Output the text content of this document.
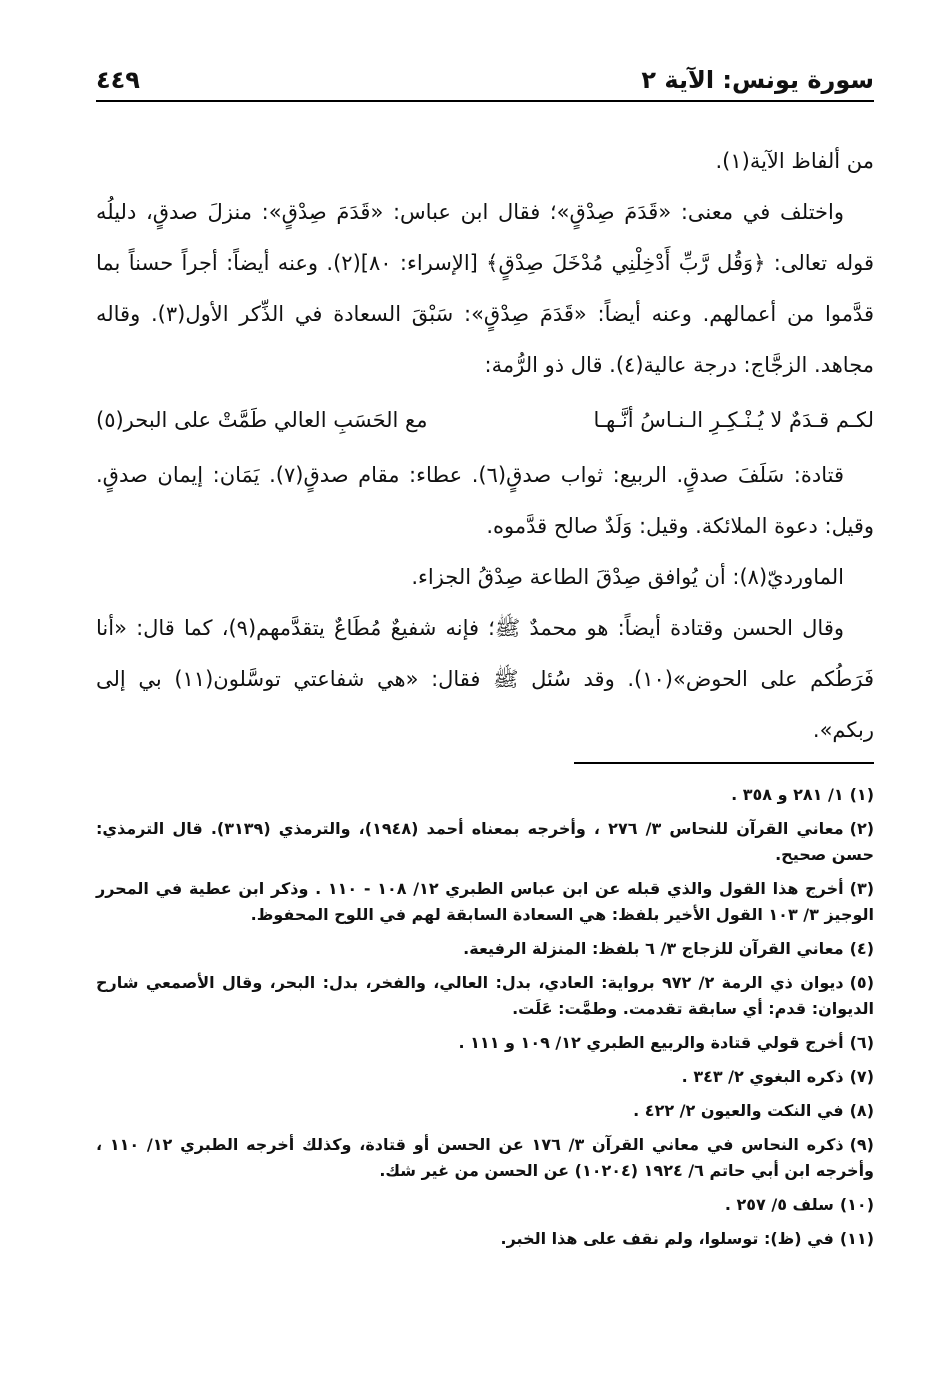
سورة يونس: الآية ٢
٤٤٩

من ألفاظ الآية(١).

واختلف في معنى: «قَدَمَ صِدْقٍ»؛ فقال ابن عباس: «قَدَمَ صِدْقٍ»: منزلَ صدقٍ، دليلُه قوله تعالى: ﴿وَقُل رَّبِّ أَدْخِلْنِي مُدْخَلَ صِدْقٍ﴾ [الإسراء: ٨٠](٢). وعنه أيضاً: أجراً حسناً بما قدَّموا من أعمالهم. وعنه أيضاً: «قَدَمَ صِدْقٍ»: سَبْقَ السعادة في الذِّكر الأول(٣). وقاله مجاهد. الزجَّاج: درجة عالية(٤). قال ذو الرُّمة:

لكـم قـدَمٌ لا يُـنْـكِـرِ الـنـاسُ أنَّـهـا
مع الحَسَبِ العالي طَمَّتْ على البحر(٥)

قتادة: سَلَفَ صدقٍ. الربيع: ثواب صدقٍ(٦). عطاء: مقام صدقٍ(٧). يَمَان: إيمان صدقٍ. وقيل: دعوة الملائكة. وقيل: وَلَدٌ صالح قدَّموه.

الماورديّ(٨): أن يُوافق صِدْقَ الطاعة صِدْقُ الجزاء.

وقال الحسن وقتادة أيضاً: هو محمدٌ ﷺ؛ فإنه شفيعٌ مُطَاعٌ يتقدَّمهم(٩)، كما قال: «أنا فَرَطُكم على الحوض»(١٠). وقد سُئل ﷺ فقال: «هي شفاعتي توسَّلون(١١) بي إلى ربكم».

(١)١/ ٢٨١ و ٣٥٨ .

(٢)معاني القرآن للنحاس ٣/ ٢٧٦ ، وأخرجه بمعناه أحمد (١٩٤٨)، والترمذي (٣١٣٩). قال الترمذي: حسن صحيح.

(٣)أخرج هذا القول والذي قبله عن ابن عباس الطبري ١٢/ ١٠٨ - ١١٠ . وذكر ابن عطية في المحرر الوجيز ٣/ ١٠٣ القول الأخير بلفظ: هي السعادة السابقة لهم في اللوح المحفوظ.

(٤)معاني القرآن للزجاج ٣/ ٦ بلفظ: المنزلة الرفيعة.

(٥)ديوان ذي الرمة ٢/ ٩٧٢ برواية: العادي، بدل: العالي، والفخر، بدل: البحر، وقال الأصمعي شارح الديوان: قدم: أي سابقة تقدمت. وطمَّت: عَلَت.

(٦)أخرج قولي قتادة والربيع الطبري ١٢/ ١٠٩ و ١١١ .

(٧)ذكره البغوي ٢/ ٣٤٣ .

(٨)في النكت والعيون ٢/ ٤٢٢ .

(٩)ذكره النحاس في معاني القرآن ٣/ ١٧٦ عن الحسن أو قتادة، وكذلك أخرجه الطبري ١٢/ ١١٠ ، وأخرجه ابن أبي حاتم ٦/ ١٩٢٤ (١٠٢٠٤) عن الحسن من غير شك.

(١٠)سلف ٥/ ٢٥٧ .

(١١)في (ظ): توسلوا، ولم نقف على هذا الخبر.
